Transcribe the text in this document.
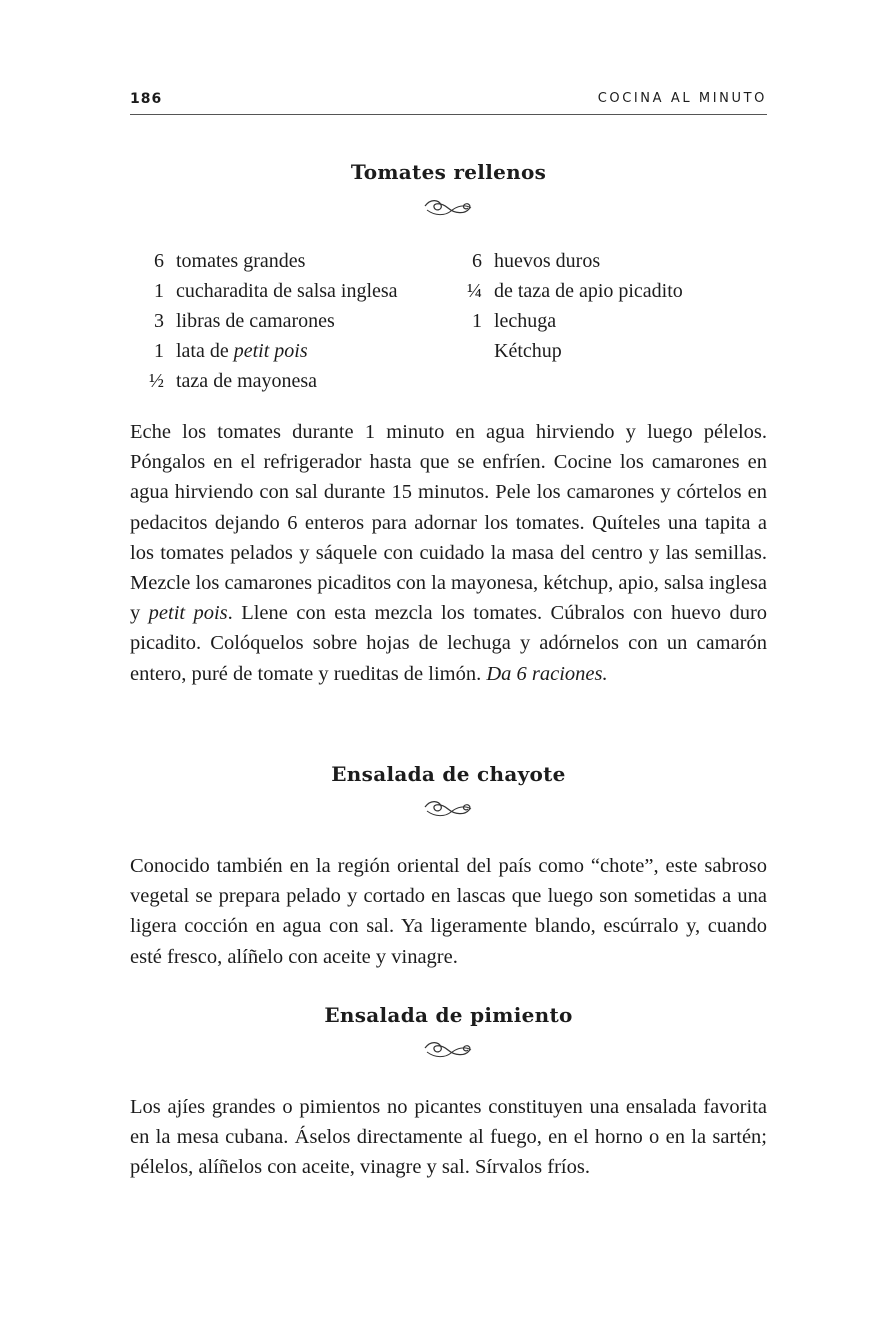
186	COCINA AL MINUTO
Tomates rellenos
6 tomates grandes
1 cucharadita de salsa inglesa
3 libras de camarones
1 lata de petit pois
½ taza de mayonesa
6 huevos duros
¼ de taza de apio picadito
1 lechuga
Kétchup

Eche los tomates durante 1 minuto en agua hirviendo y luego pélelos. Póngalos en el refrigerador hasta que se enfríen. Cocine los camarones en agua hirviendo con sal durante 15 minutos. Pele los camarones y córtelos en pedacitos dejando 6 enteros para adornar los tomates. Quíteles una tapita a los tomates pelados y sáquele con cuidado la masa del centro y las semillas. Mezcle los camarones picaditos con la mayonesa, kétchup, apio, salsa inglesa y petit pois. Llene con esta mezcla los tomates. Cúbralos con huevo duro picadito. Colóquelos sobre hojas de lechuga y adórnelos con un camarón entero, puré de tomate y rueditas de limón. Da 6 raciones.

Ensalada de chayote

Conocido también en la región oriental del país como “chote”, este sabroso vegetal se prepara pelado y cortado en lascas que luego son sometidas a una ligera cocción en agua con sal. Ya ligeramente blando, escúrralo y, cuando esté fresco, alíñelo con aceite y vinagre.

Ensalada de pimiento

Los ajíes grandes o pimientos no picantes constituyen una ensalada favorita en la mesa cubana. Áselos directamente al fuego, en el horno o en la sartén; pélelos, alíñelos con aceite, vinagre y sal. Sírvalos fríos.
